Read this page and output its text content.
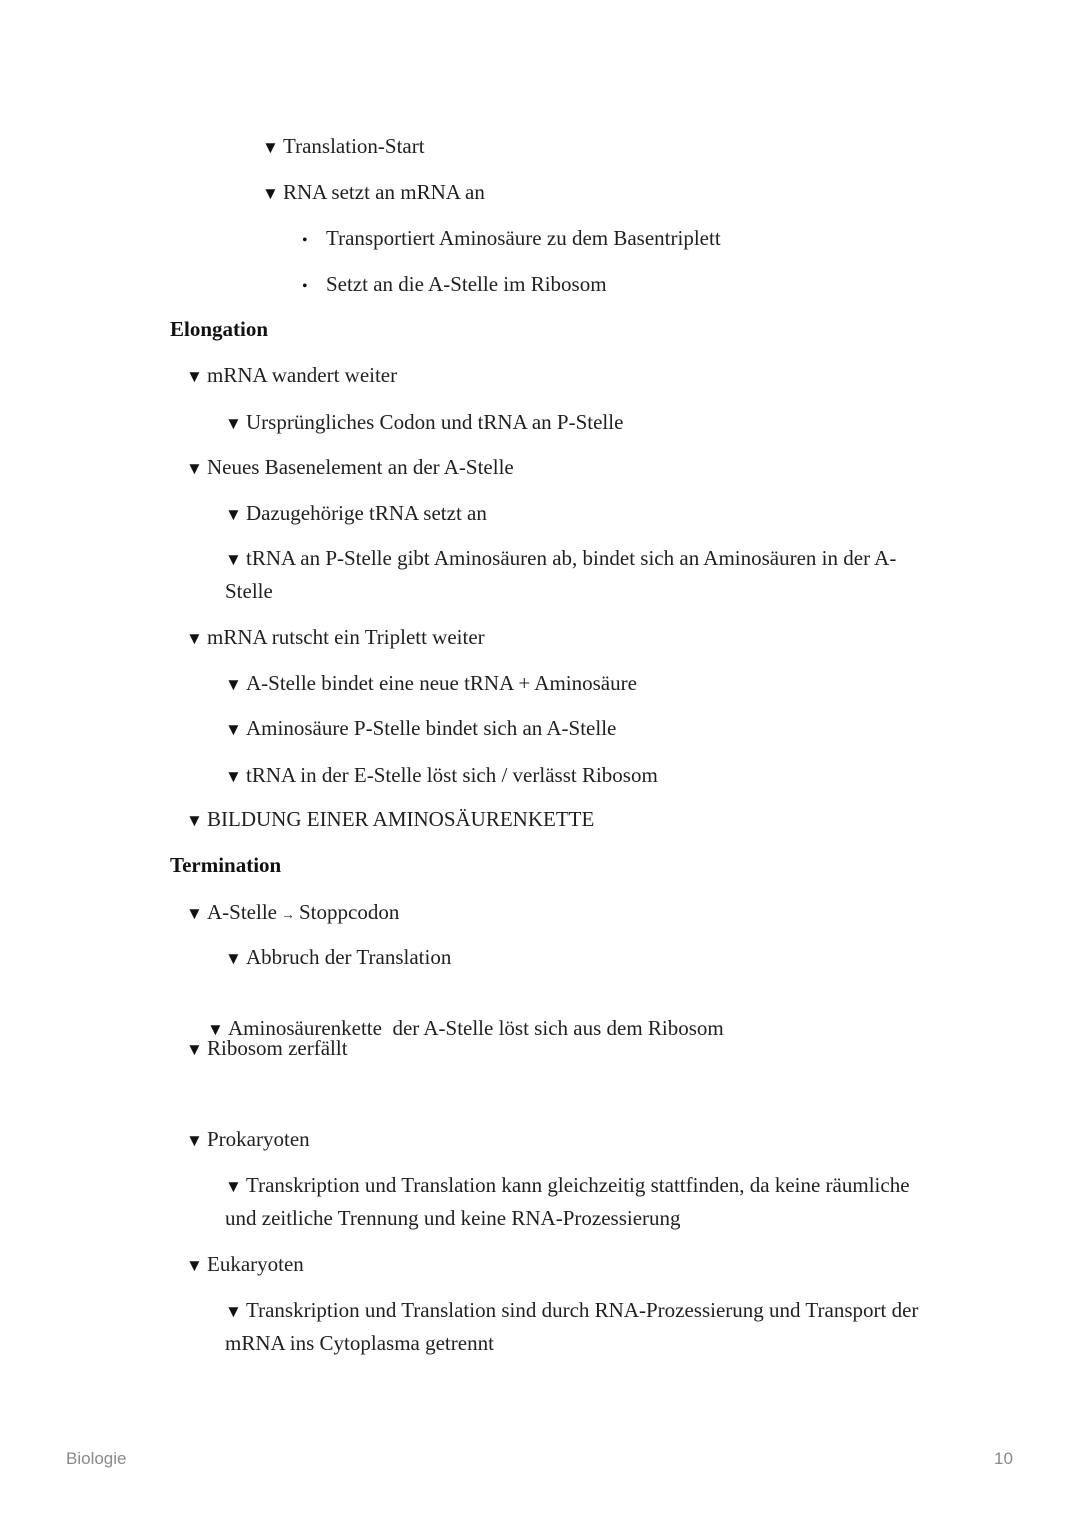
▼ Translation-Start
▼ RNA setzt an mRNA an
• Transportiert Aminosäure zu dem Basentriplett
• Setzt an die A-Stelle im Ribosom
Elongation
▼ mRNA wandert weiter
▼ Ursprüngliches Codon und tRNA an P-Stelle
▼ Neues Basenelement an der A-Stelle
▼ Dazugehörige tRNA setzt an
▼ tRNA an P-Stelle gibt Aminosäuren ab, bindet sich an Aminosäuren in der A-
Stelle
▼ mRNA rutscht ein Triplett weiter
▼ A-Stelle bindet eine neue tRNA + Aminosäure
▼ Aminosäure P-Stelle bindet sich an A-Stelle
▼ tRNA in der E-Stelle löst sich / verlässt Ribosom
▼ BILDUNG EINER AMINOSÄURENKETTE
Termination
▼ A-Stelle → Stoppcodon
▼ Abbruch der Translation

▼ Aminosäurenkette  der A-Stelle löst sich aus dem Ribosom

▼ Ribosom zerfällt
▼ Prokaryoten
▼ Transkription und Translation kann gleichzeitig stattfinden, da keine räumliche
und zeitliche Trennung und keine RNA-Prozessierung
▼ Eukaryoten
▼ Transkription und Translation sind durch RNA-Prozessierung und Transport der
mRNA ins Cytoplasma getrennt
Biologie	10
